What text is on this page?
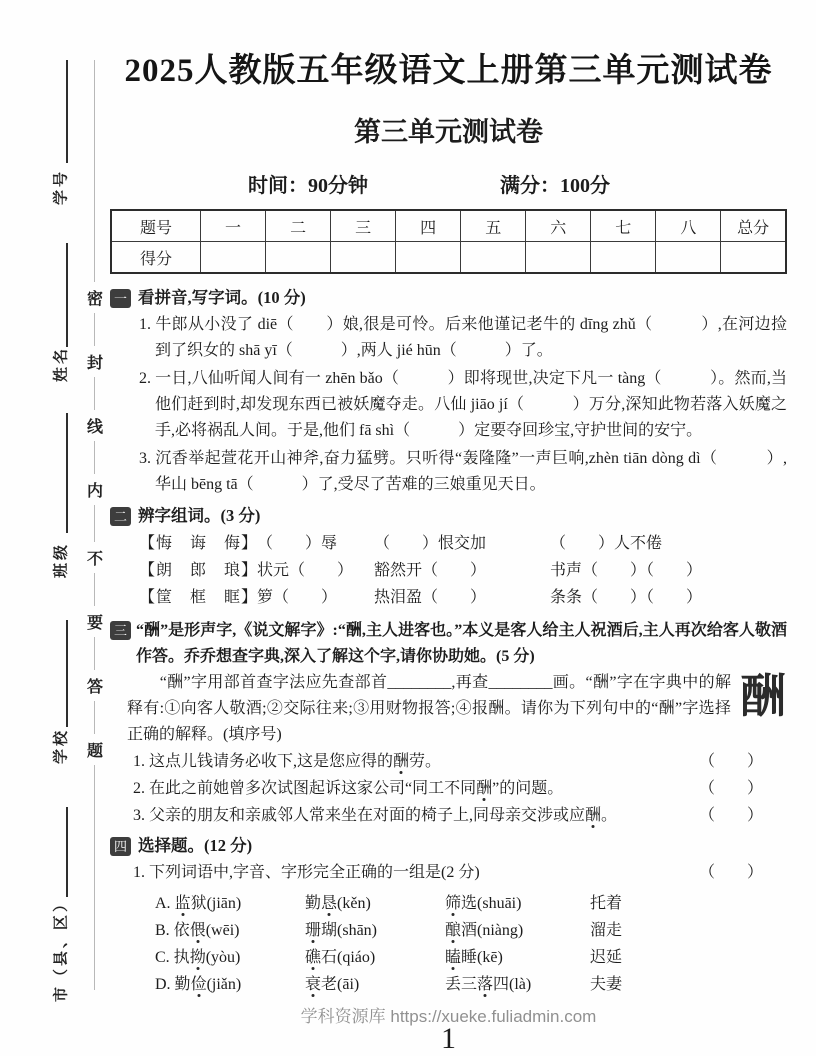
学号
姓名
班级
学校
市（县、区）
密
封
线
内
不
要
答
题
2025人教版五年级语文上册第三单元测试卷
第三单元测试卷
时间：90分钟	满分：100分
题号	一	二	三	四	五	六	七	八	总分
得分									
一 看拼音,写字词。(10 分)
1. 牛郎从小没了 diē（　　）娘,很是可怜。后来他谨记老牛的 dīng zhǔ（　　　）,在河边捡到了织女的 shā yī（　　　）,两人 jié hūn（　　　）了。
2. 一日,八仙听闻人间有一 zhēn bǎo（　　　）即将现世,决定下凡一 tàng（　　　）。然而,当他们赶到时,却发现东西已被妖魔夺走。八仙 jiāo jí（　　　）万分,深知此物若落入妖魔之手,必将祸乱人间。于是,他们 fā shì（　　　）定要夺回珍宝,守护世间的安宁。
3. 沉香举起萱花开山神斧,奋力猛劈。只听得“轰隆隆”一声巨响,zhèn tiān dòng dì（　　　）,华山 bēng tā（　　　）了,受尽了苦难的三娘重见天日。
二 辨字组词。(3 分)
【悔　诲　侮】
（　　）辱	（　　）恨交加	（　　）人不倦
【朗　郎　琅】
状元（　　）	豁然开（　　）	书声（　　）（　　）
【筐　框　眶】
箩（　　）	热泪盈（　　）	条条（　　）（　　）
三 “酬”是形声字,《说文解字》:“酬,主人进客也。”本义是客人给主人祝酒后,主人再次给客人敬酒作答。乔乔想查字典,深入了解这个字,请你协助她。(5 分)
酬
　　“酬”字用部首查字法应先查部首________,再查________画。“酬”字在字典中的解释有:①向客人敬酒;②交际往来;③用财物报答;④报酬。请你为下列句中的“酬”字选择正确的解释。(填序号)
1. 这点儿钱请务必收下,这是您应得的酬劳。	（　　）
2. 在此之前她曾多次试图起诉这家公司“同工不同酬”的问题。	（　　）
3. 父亲的朋友和亲戚邻人常来坐在对面的椅子上,同母亲交涉或应酬。	（　　）
四 选择题。(12 分)
1. 下列词语中,字音、字形完全正确的一组是(2 分)	（　　）
A. 监狱(jiān)	勤恳(kěn)	筛选(shuāi)	托着
B. 依偎(wēi)	珊瑚(shān)	酿酒(niàng)	溜走
C. 执拗(yòu)	礁石(qiáo)	瞌睡(kē)	迟延
D. 勤俭(jiǎn)	衰老(āi)	丢三落四(là)	夫妻
学科资源库 https://xueke.fuliadmin.com
1
